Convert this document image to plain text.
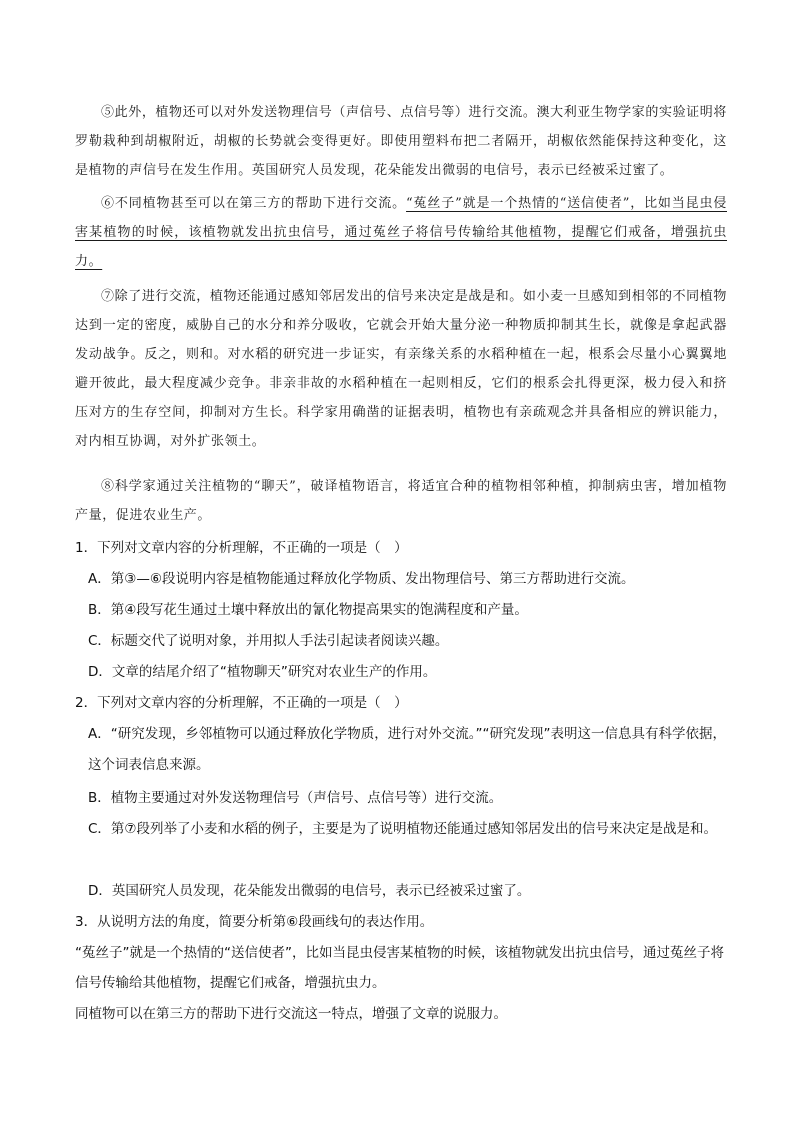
⑤此外，植物还可以对外发送物理信号（声信号、点信号等）进行交流。澳大利亚生物学家的实验证明将罗勒栽种到胡椒附近，胡椒的长势就会变得更好。即使用塑料布把二者隔开，胡椒依然能保持这种变化，这是植物的声信号在发生作用。英国研究人员发现，花朵能发出微弱的电信号，表示已经被采过蜜了。
⑥不同植物甚至可以在第三方的帮助下进行交流。“菟丝子”就是一个热情的“送信使者”，比如当昆虫侵害某植物的时候，该植物就发出抗虫信号，通过菟丝子将信号传输给其他植物，提醒它们戒备，增强抗虫力。
⑦除了进行交流，植物还能通过感知邻居发出的信号来决定是战是和。如小麦一旦感知到相邻的不同植物达到一定的密度，威胁自己的水分和养分吸收，它就会开始大量分泌一种物质抑制其生长，就像是拿起武器发动战争。反之，则和。对水稻的研究进一步证实，有亲缘关系的水稻种植在一起，根系会尽量小心翼翼地避开彼此，最大程度减少竞争。非亲非故的水稻种植在一起则相反，它们的根系会扎得更深，极力侵入和挤压对方的生存空间，抑制对方生长。科学家用确凿的证据表明，植物也有亲疏观念并具备相应的辨识能力，对内相互协调，对外扩张领土。
⑧科学家通过关注植物的“聊天”，破译植物语言，将适宜合种的植物相邻种植，抑制病虫害，增加植物产量，促进农业生产。
1．下列对文章内容的分析理解，不正确的一项是（　）
A．第③—⑥段说明内容是植物能通过释放化学物质、发出物理信号、第三方帮助进行交流。
B．第④段写花生通过土壤中释放出的氰化物提高果实的饱满程度和产量。
C．标题交代了说明对象，并用拟人手法引起读者阅读兴趣。
D．文章的结尾介绍了“植物聊天”研究对农业生产的作用。
2．下列对文章内容的分析理解，不正确的一项是（　）
A．“研究发现，乡邻植物可以通过释放化学物质，进行对外交流。”“研究发现”表明这一信息具有科学依据，这个词表信息来源。
B．植物主要通过对外发送物理信号（声信号、点信号等）进行交流。
C．第⑦段列举了小麦和水稻的例子，主要是为了说明植物还能通过感知邻居发出的信号来决定是战是和。
D．英国研究人员发现，花朵能发出微弱的电信号，表示已经被采过蜜了。
3．从说明方法的角度，简要分析第⑥段画线句的表达作用。
“菟丝子”就是一个热情的“送信使者”，比如当昆虫侵害某植物的时候，该植物就发出抗虫信号，通过菟丝子将信号传输给其他植物，提醒它们戒备，增强抗虫力。
同植物可以在第三方的帮助下进行交流这一特点，增强了文章的说服力。
